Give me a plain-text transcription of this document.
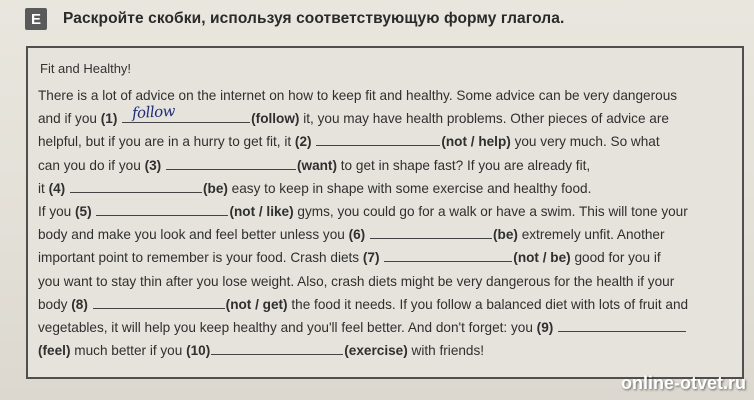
E	Раскройте скобки, используя соответствующую форму глагола.
Fit and Healthy!
There is a lot of advice on the internet on how to keep fit and healthy. Some advice can be very dangerous
and if you (1) follow	(follow) it, you may have health problems. Other pieces of advice are
helpful, but if you are in a hurry to get fit, it (2)	(not / help) you very much. So what
can you do if you (3)	(want) to get in shape fast? If you are already fit,
it (4)	(be) easy to keep in shape with some exercise and healthy food.
If you (5)	(not / like) gyms, you could go for a walk or have a swim. This will tone your
body and make you look and feel better unless you (6)	(be) extremely unfit. Another
important point to remember is your food. Crash diets (7)	(not / be) good for you if
you want to stay thin after you lose weight. Also, crash diets might be very dangerous for the health if your
body (8)	(not / get) the food it needs. If you follow a balanced diet with lots of fruit and
vegetables, it will help you keep healthy and you'll feel better. And don't forget: you (9)
(feel) much better if you (10)	(exercise) with friends!
online-otvet.ru
